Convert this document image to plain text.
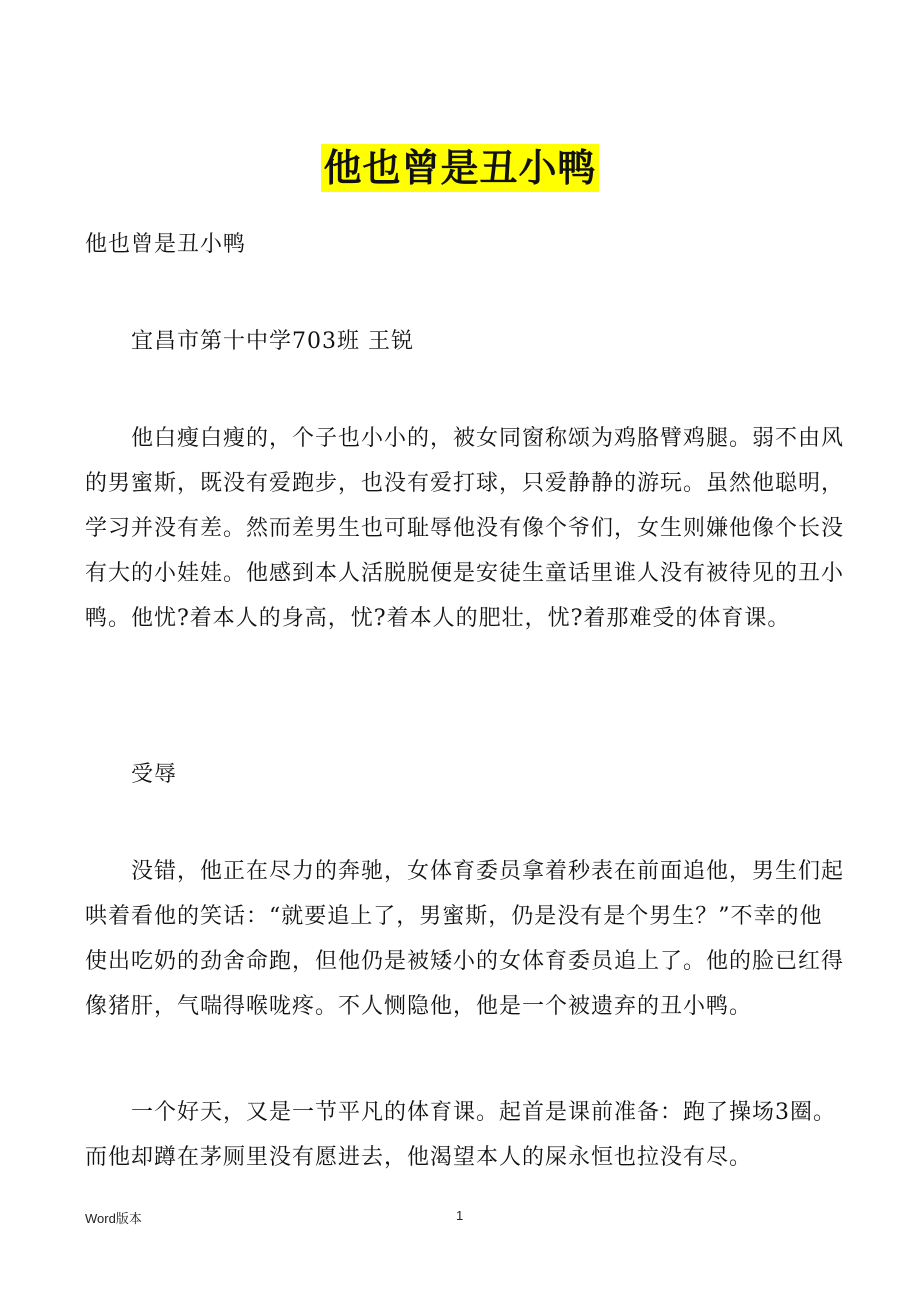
他也曾是丑小鸭

他也曾是丑小鸭

宜昌市第十中学703班 王锐

他白瘦白瘦的，个子也小小的，被女同窗称颂为鸡胳臂鸡腿。弱不由风的男蜜斯，既没有爱跑步，也没有爱打球，只爱静静的游玩。虽然他聪明，学习并没有差。然而差男生也可耻辱他没有像个爷们，女生则嫌他像个长没有大的小娃娃。他感到本人活脱脱便是安徒生童话里谁人没有被待见的丑小鸭。他忧?着本人的身高，忧?着本人的肥壮，忧?着那难受的体育课。

受辱

没错，他正在尽力的奔驰，女体育委员拿着秒表在前面追他，男生们起哄着看他的笑话：“就要追上了，男蜜斯，仍是没有是个男生？”不幸的他使出吃奶的劲舍命跑，但他仍是被矮小的女体育委员追上了。他的脸已红得像猪肝，气喘得喉咙疼。不人恻隐他，他是一个被遗弃的丑小鸭。

一个好天，又是一节平凡的体育课。起首是课前准备：跑了操场3圈。而他却蹲在茅厕里没有愿进去，他渴望本人的屎永恒也拉没有尽。

Word版本	1
